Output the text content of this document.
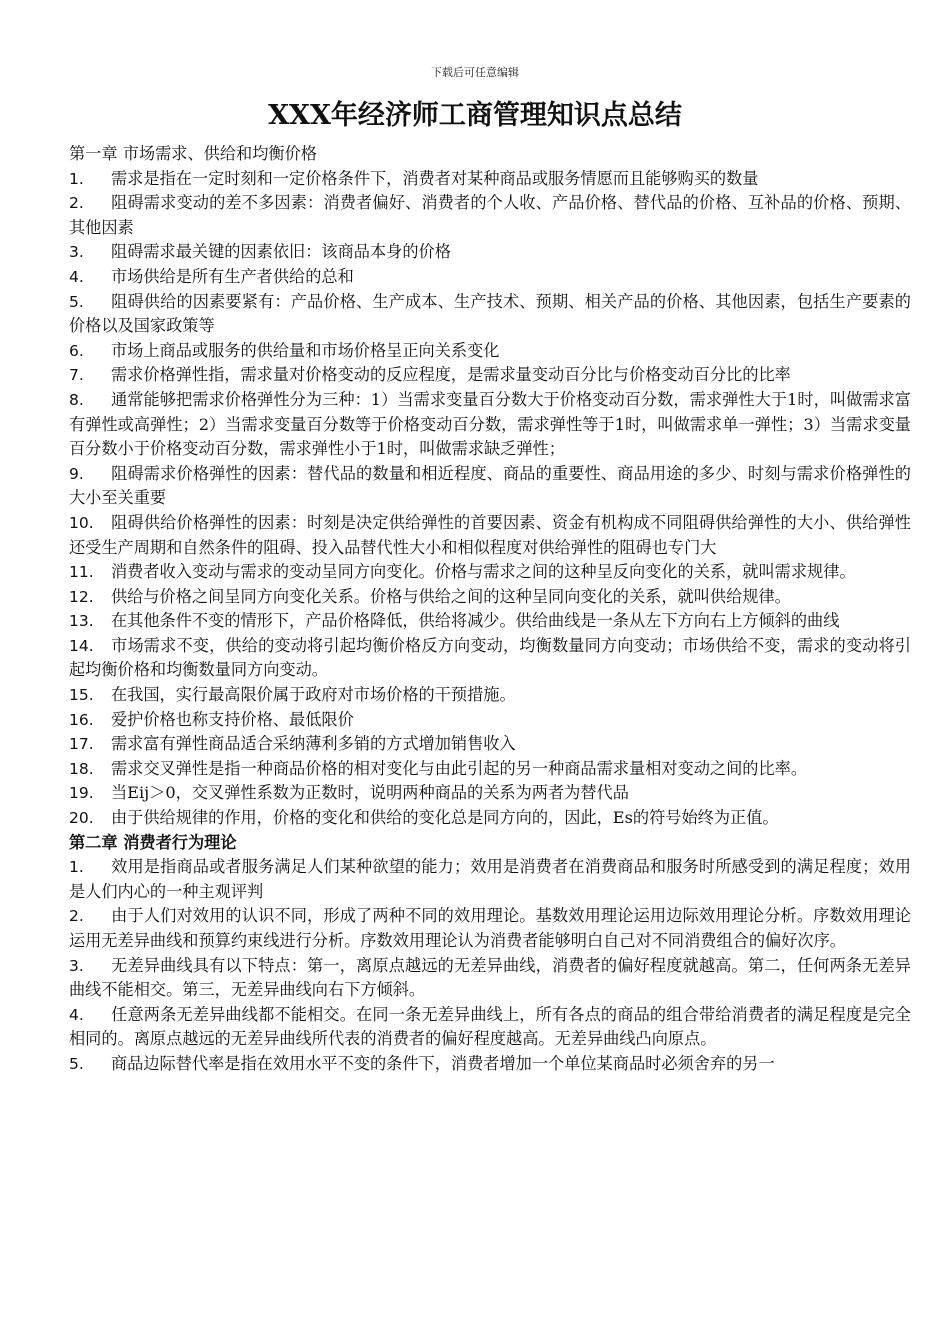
下载后可任意编辑
XXX年经济师工商管理知识点总结

第一章 市场需求、供给和均衡价格

1. 需求是指在一定时刻和一定价格条件下，消费者对某种商品或服务情愿而且能够购买的数量

2. 阻碍需求变动的差不多因素：消费者偏好、消费者的个人收、产品价格、替代品的价格、互补品的价格、预期、其他因素

3. 阻碍需求最关键的因素依旧：该商品本身的价格

4. 市场供给是所有生产者供给的总和

5. 阻碍供给的因素要紧有：产品价格、生产成本、生产技术、预期、相关产品的价格、其他因素，包括生产要素的价格以及国家政策等

6. 市场上商品或服务的供给量和市场价格呈正向关系变化

7. 需求价格弹性指，需求量对价格变动的反应程度，是需求量变动百分比与价格变动百分比的比率

8. 通常能够把需求价格弹性分为三种：1）当需求变量百分数大于价格变动百分数，需求弹性大于1时，叫做需求富有弹性或高弹性；2）当需求变量百分数等于价格变动百分数，需求弹性等于1时，叫做需求单一弹性；3）当需求变量百分数小于价格变动百分数，需求弹性小于1时，叫做需求缺乏弹性；

9. 阻碍需求价格弹性的因素：替代品的数量和相近程度、商品的重要性、商品用途的多少、时刻与需求价格弹性的大小至关重要

10. 阻碍供给价格弹性的因素：时刻是决定供给弹性的首要因素、资金有机构成不同阻碍供给弹性的大小、供给弹性还受生产周期和自然条件的阻碍、投入品替代性大小和相似程度对供给弹性的阻碍也专门大

11. 消费者收入变动与需求的变动呈同方向变化。价格与需求之间的这种呈反向变化的关系，就叫需求规律。

12. 供给与价格之间呈同方向变化关系。价格与供给之间的这种呈同向变化的关系，就叫供给规律。

13. 在其他条件不变的情形下，产品价格降低，供给将减少。供给曲线是一条从左下方向右上方倾斜的曲线

14. 市场需求不变，供给的变动将引起均衡价格反方向变动，均衡数量同方向变动；市场供给不变，需求的变动将引起均衡价格和均衡数量同方向变动。

15. 在我国，实行最高限价属于政府对市场价格的干预措施。

16. 爱护价格也称支持价格、最低限价

17. 需求富有弹性商品适合采纳薄利多销的方式增加销售收入

18. 需求交叉弹性是指一种商品价格的相对变化与由此引起的另一种商品需求量相对变动之间的比率。

19. 当Eij＞0，交叉弹性系数为正数时，说明两种商品的关系为两者为替代品

20. 由于供给规律的作用，价格的变化和供给的变化总是同方向的，因此，Es的符号始终为正值。

第二章 消费者行为理论

1. 效用是指商品或者服务满足人们某种欲望的能力；效用是消费者在消费商品和服务时所感受到的满足程度；效用是人们内心的一种主观评判

2. 由于人们对效用的认识不同，形成了两种不同的效用理论。基数效用理论运用边际效用理论分析。序数效用理论运用无差异曲线和预算约束线进行分析。序数效用理论认为消费者能够明白自己对不同消费组合的偏好次序。

3. 无差异曲线具有以下特点：第一，离原点越远的无差异曲线，消费者的偏好程度就越高。第二，任何两条无差异曲线不能相交。第三，无差异曲线向右下方倾斜。

4. 任意两条无差异曲线都不能相交。在同一条无差异曲线上，所有各点的商品的组合带给消费者的满足程度是完全相同的。离原点越远的无差异曲线所代表的消费者的偏好程度越高。无差异曲线凸向原点。

5. 商品边际替代率是指在效用水平不变的条件下，消费者增加一个单位某商品时必须舍弃的另一
